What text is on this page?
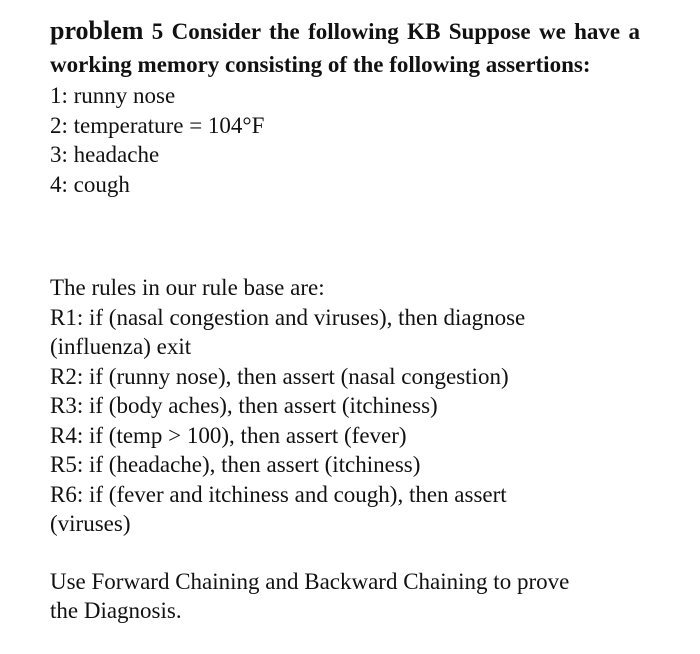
problem 5 Consider the following KB Suppose we have a working memory consisting of the following assertions:

1: runny nose

2: temperature = 104°F

3: headache

4: cough

The rules in our rule base are:

R1: if (nasal congestion and viruses), then diagnose

(influenza) exit

R2: if (runny nose), then assert (nasal congestion)

R3: if (body aches), then assert (itchiness)

R4: if (temp > 100), then assert (fever)

R5: if (headache), then assert (itchiness)

R6: if (fever and itchiness and cough), then assert

(viruses)

Use Forward Chaining and Backward Chaining to prove

the Diagnosis.
